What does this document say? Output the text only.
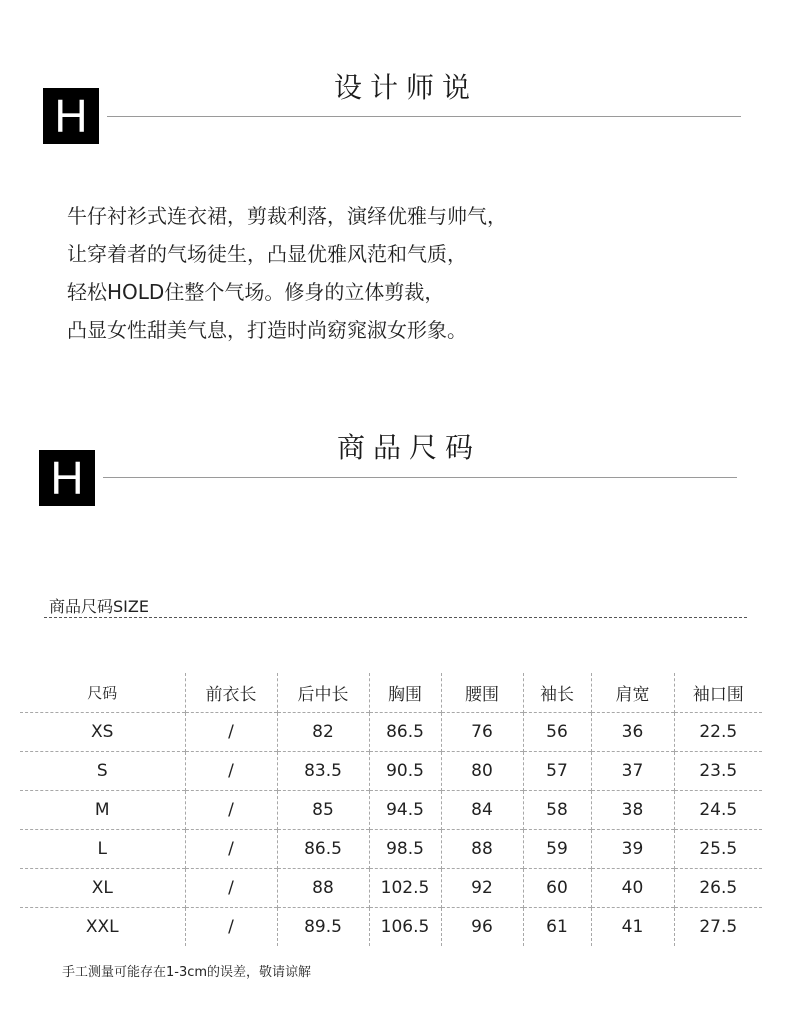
H
设计师说
牛仔衬衫式连衣裙，剪裁利落，演绎优雅与帅气，
让穿着者的气场徒生，凸显优雅风范和气质，
轻松HOLD住整个气场。修身的立体剪裁，
凸显女性甜美气息，打造时尚窈窕淑女形象。
H
商品尺码
商品尺码SIZE
尺码	前衣长	后中长	胸围	腰围	袖长	肩宽	袖口围
XS	/	82	86.5	76	56	36	22.5
S	/	83.5	90.5	80	57	37	23.5
M	/	85	94.5	84	58	38	24.5
L	/	86.5	98.5	88	59	39	25.5
XL	/	88	102.5	92	60	40	26.5
XXL	/	89.5	106.5	96	61	41	27.5
手工测量可能存在1-3cm的误差，敬请谅解
